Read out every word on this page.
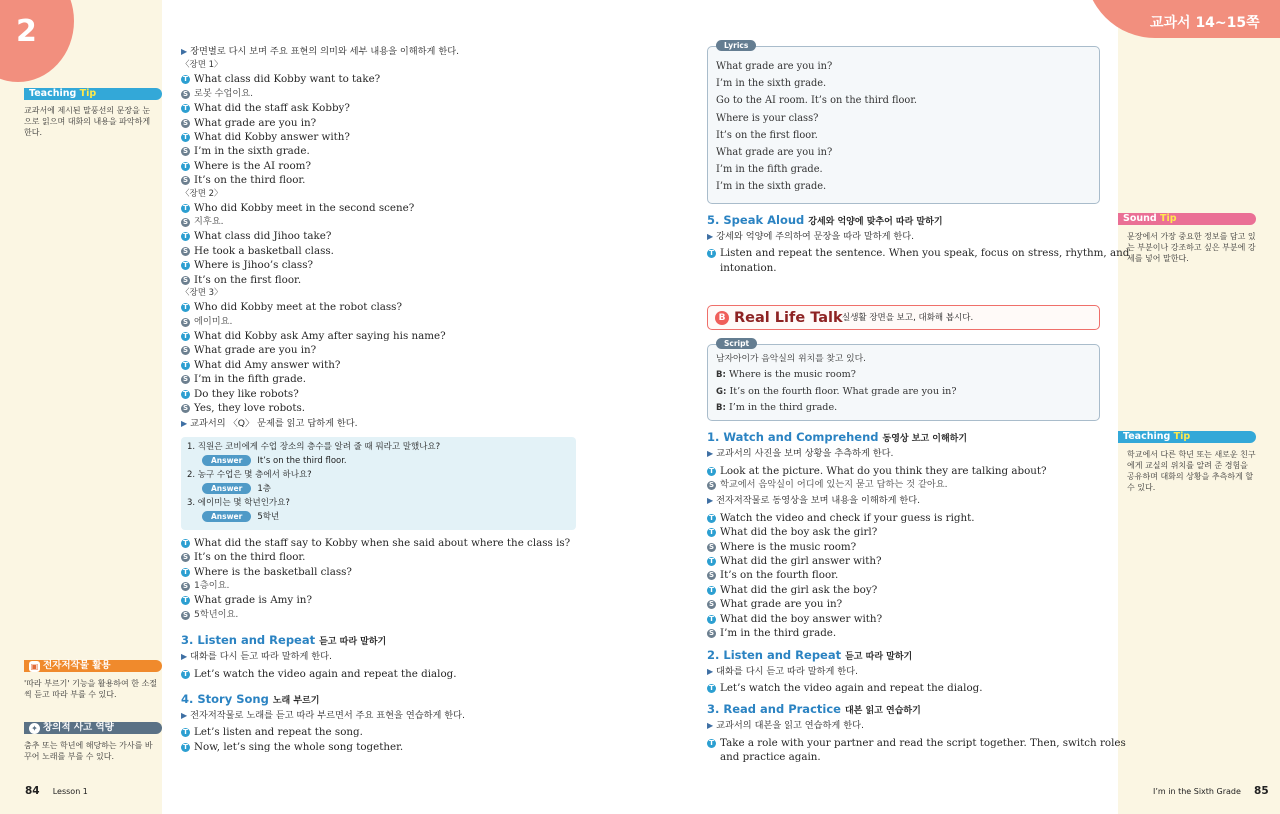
2	교과서 14~15쪽
Teaching Tip
교과서에 제시된 말풍선의 문장을 눈으로 읽으며 대화의 내용을 파악하게 한다.
▣ 전자저작물 활용
'따라 부르기' 기능을 활용하여 한 소절씩 듣고 따라 부를 수 있다.
✦ 창의적 사고 역량
춤추 또는 학년에 해당하는 가사를 바꾸어 노래를 부를 수 있다.
Sound Tip
문장에서 가장 중요한 정보를 담고 있는 부분이나 강조하고 싶은 부분에 강세를 넣어 말한다.
Teaching Tip
학교에서 다른 학년 또는 새로운 친구에게 교실의 위치를 알려 준 경험을 공유하며 대화의 상황을 추측하게 할 수 있다.
▶ 장면별로 다시 보며 주요 표현의 의미와 세부 내용을 이해하게 한다.
〈장면 1〉
T What class did Kobby want to take?
S 로봇 수업이요.
T What did the staff ask Kobby?
S What grade are you in?
T What did Kobby answer with?
S I’m in the sixth grade.
T Where is the AI room?
S It’s on the third floor.
〈장면 2〉
T Who did Kobby meet in the second scene?
S 지후요.
T What class did Jihoo take?
S He took a basketball class.
T Where is Jihoo’s class?
S It’s on the first floor.
〈장면 3〉
T Who did Kobby meet at the robot class?
S 에이미요.
T What did Kobby ask Amy after saying his name?
S What grade are you in?
T What did Amy answer with?
S I’m in the fifth grade.
T Do they like robots?
S Yes, they love robots.
▶ 교과서의 〈Q〉 문제를 읽고 답하게 한다.
1. 직원은 코비에게 수업 장소의 층수를 알려 줄 때 뭐라고 말했나요?
Answer It’s on the third floor.
2. 농구 수업은 몇 층에서 하나요?
Answer 1층
3. 에이미는 몇 학년인가요?
Answer 5학년
T What did the staff say to Kobby when she said about where the class is?
S It’s on the third floor.
T Where is the basketball class?
S 1층이요.
T What grade is Amy in?
S 5학년이요.
3. Listen and Repeat 듣고 따라 말하기
▶ 대화를 다시 듣고 따라 말하게 한다.
T Let’s watch the video again and repeat the dialog.
4. Story Song 노래 부르기
▶ 전자저작물로 노래를 듣고 따라 부르면서 주요 표현을 연습하게 한다.
T Let’s listen and repeat the song.
T Now, let’s sing the whole song together.
Lyrics
What grade are you in?
I’m in the sixth grade.
Go to the AI room. It’s on the third floor.
Where is your class?
It’s on the first floor.
What grade are you in?
I’m in the fifth grade.
I’m in the sixth grade.
5. Speak Aloud 강세와 억양에 맞추어 따라 말하기
▶ 강세와 억양에 주의하여 문장을 따라 말하게 한다.
T Listen and repeat the sentence. When you speak, focus on stress, rhythm, and
intonation.
B Real Life Talk 실생활 장면을 보고, 대화해 봅시다.
Script
남자아이가 음악실의 위치를 찾고 있다.
B: Where is the music room?
G: It’s on the fourth floor. What grade are you in?
B: I’m in the third grade.
1. Watch and Comprehend 동영상 보고 이해하기
▶ 교과서의 사진을 보며 상황을 추측하게 한다.
T Look at the picture. What do you think they are talking about?
S 학교에서 음악실이 어디에 있는지 묻고 답하는 것 같아요.
▶ 전자저작물로 동영상을 보며 내용을 이해하게 한다.
T Watch the video and check if your guess is right.
T What did the boy ask the girl?
S Where is the music room?
T What did the girl answer with?
S It’s on the fourth floor.
T What did the girl ask the boy?
S What grade are you in?
T What did the boy answer with?
S I’m in the third grade.
2. Listen and Repeat 듣고 따라 말하기
▶ 대화를 다시 듣고 따라 말하게 한다.
T Let’s watch the video again and repeat the dialog.
3. Read and Practice 대본 읽고 연습하기
▶ 교과서의 대본을 읽고 연습하게 한다.
T Take a role with your partner and read the script together. Then, switch roles
and practice again.
84 Lesson 1	I’m in the Sixth Grade 85
